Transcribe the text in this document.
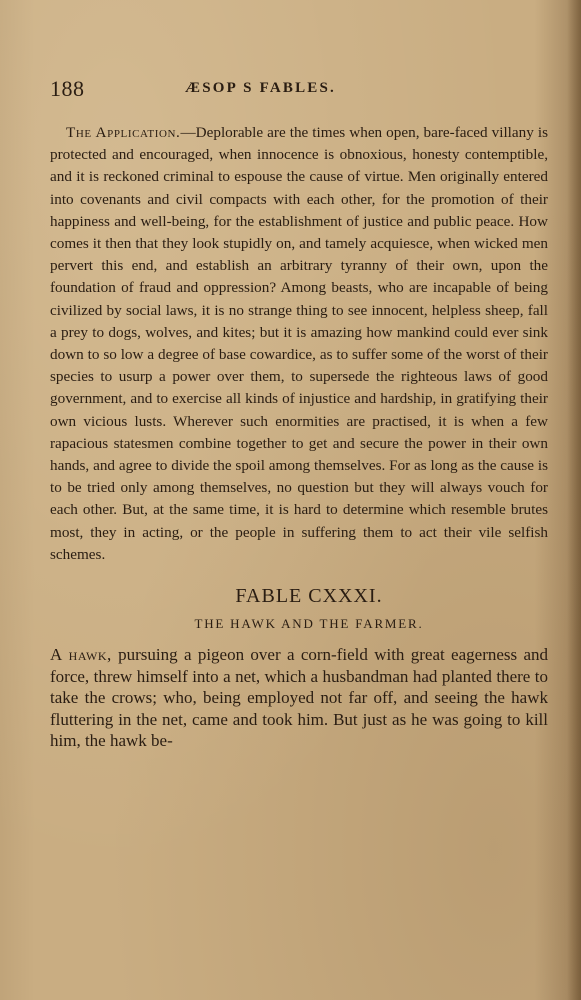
188	ÆSOP S FABLES.

The Application.—Deplorable are the times when open, bare-faced villany is protected and encouraged, when innocence is obnoxious, honesty contemptible, and it is reckoned criminal to espouse the cause of virtue. Men originally entered into covenants and civil compacts with each other, for the promotion of their happiness and well-being, for the establishment of justice and public peace. How comes it then that they look stupidly on, and tamely acquiesce, when wicked men pervert this end, and establish an arbitrary tyranny of their own, upon the foundation of fraud and oppression? Among beasts, who are incapable of being civilized by social laws, it is no strange thing to see innocent, helpless sheep, fall a prey to dogs, wolves, and kites; but it is amazing how mankind could ever sink down to so low a degree of base cowardice, as to suffer some of the worst of their species to usurp a power over them, to supersede the righteous laws of good government, and to exercise all kinds of injustice and hardship, in gratifying their own vicious lusts. Wherever such enormities are practised, it is when a few rapacious statesmen combine together to get and secure the power in their own hands, and agree to divide the spoil among themselves. For as long as the cause is to be tried only among themselves, no question but they will always vouch for each other. But, at the same time, it is hard to determine which resemble brutes most, they in acting, or the people in suffering them to act their vile selfish schemes.

FABLE CXXXI.
THE HAWK AND THE FARMER.

A hawk, pursuing a pigeon over a corn-field with great eagerness and force, threw himself into a net, which a husbandman had planted there to take the crows; who, being employed not far off, and seeing the hawk fluttering in the net, came and took him. But just as he was going to kill him, the hawk be-
